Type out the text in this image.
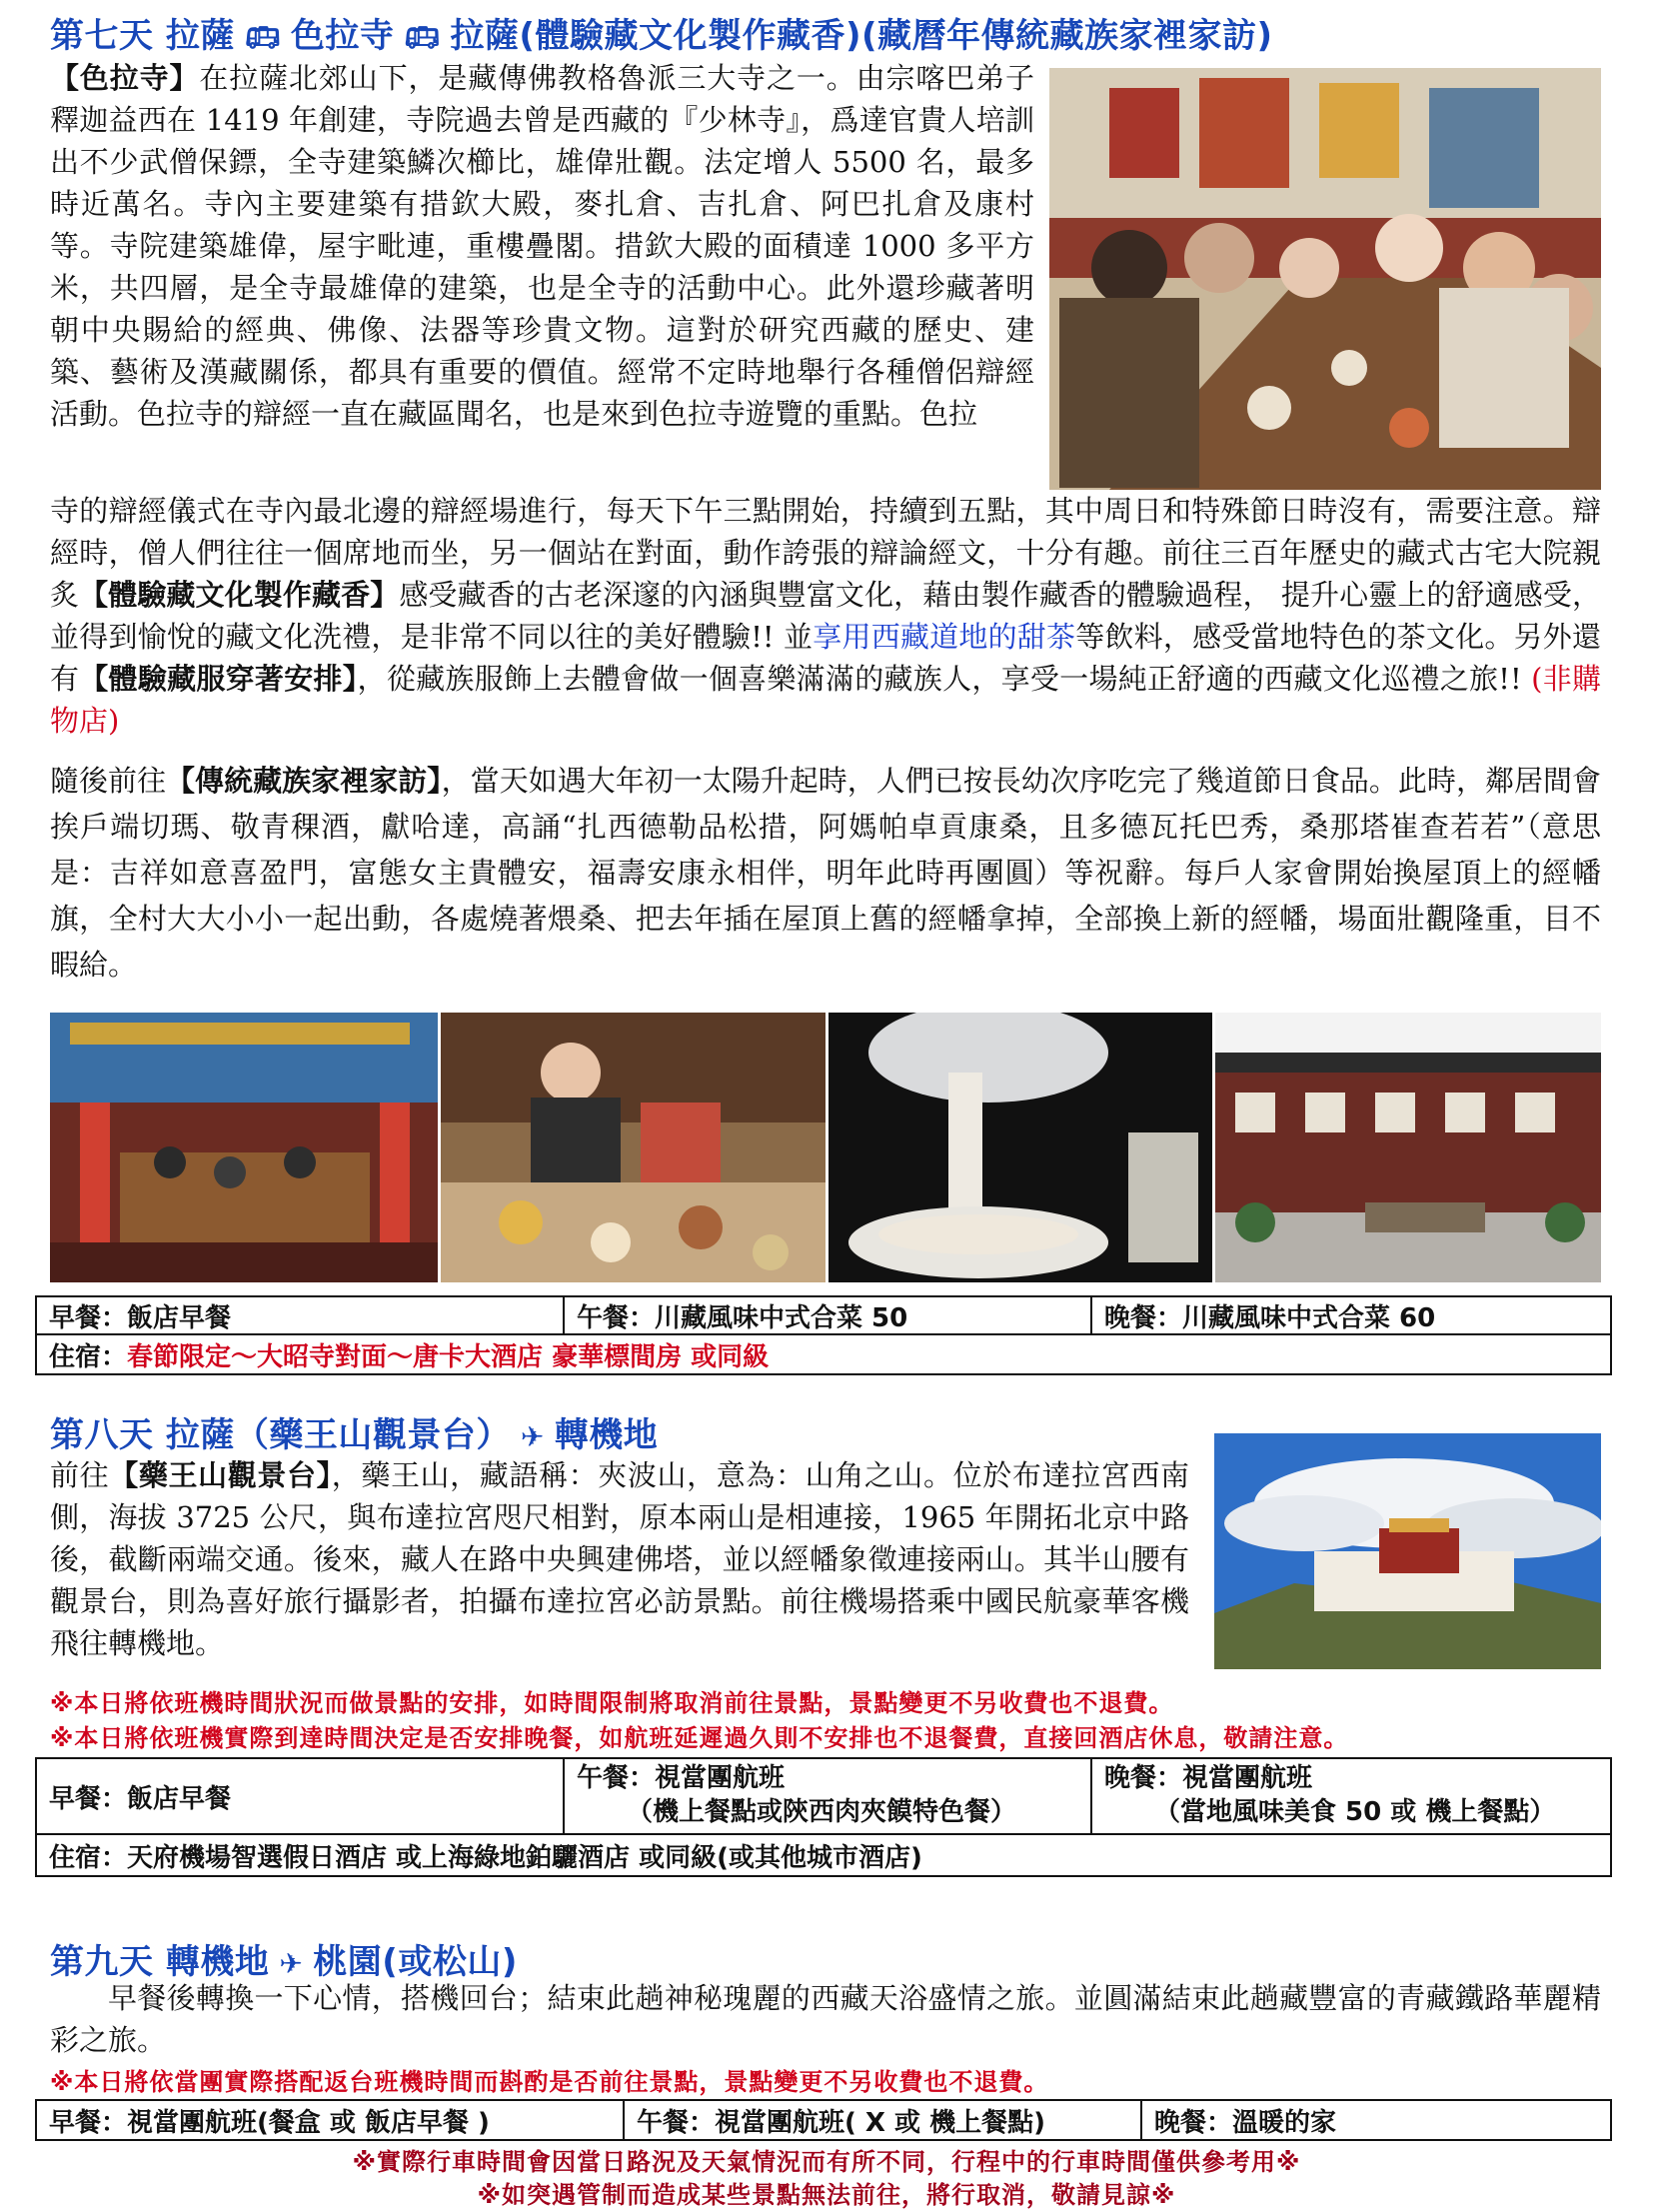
第七天 拉薩 🚌︎ 色拉寺 🚌︎ 拉薩(體驗藏文化製作藏香)(藏曆年傳統藏族家裡家訪)
【色拉寺】在拉薩北郊山下，是藏傳佛教格魯派三大寺之一。由宗喀巴弟子釋迦益西在 1419 年創建，寺院過去曾是西藏的『少林寺』，爲達官貴人培訓出不少武僧保鏢，全寺建築鱗次櫛比，雄偉壯觀。法定增人 5500 名，最多時近萬名。寺內主要建築有措欽大殿，麥扎倉、吉扎倉、阿巴扎倉及康村等。寺院建築雄偉，屋宇毗連，重樓疊閣。措欽大殿的面積達 1000 多平方米，共四層，是全寺最雄偉的建築，也是全寺的活動中心。此外還珍藏著明朝中央賜給的經典、佛像、法器等珍貴文物。這對於研究西藏的歷史、建築、藝術及漢藏關係，都具有重要的價值。經常不定時地舉行各種僧侶辯經活動。色拉寺的辯經一直在藏區聞名，也是來到色拉寺遊覽的重點。色拉
寺的辯經儀式在寺內最北邊的辯經場進行，每天下午三點開始，持續到五點，其中周日和特殊節日時沒有，需要注意。辯經時，僧人們往往一個席地而坐，另一個站在對面，動作誇張的辯論經文，十分有趣。前往三百年歷史的藏式古宅大院親炙【體驗藏文化製作藏香】感受藏香的古老深邃的內涵與豐富文化，藉由製作藏香的體驗過程， 提升心靈上的舒適感受，並得到愉悅的藏文化洗禮，是非常不同以往的美好體驗!! 並享用西藏道地的甜茶等飲料，感受當地特色的茶文化。另外還有【體驗藏服穿著安排】，從藏族服飾上去體會做一個喜樂滿滿的藏族人，享受一場純正舒適的西藏文化巡禮之旅!! (非購物店)
隨後前往【傳統藏族家裡家訪】，當天如遇大年初一太陽升起時，人們已按長幼次序吃完了幾道節日食品。此時，鄰居間會挨戶端切瑪、敬青稞酒，獻哈達，高誦“扎西德勒品松措，阿媽帕卓貢康桑，且多德瓦托巴秀，桑那塔崔查若若”（意思是：吉祥如意喜盈門，富態女主貴體安，福壽安康永相伴，明年此時再團圓）等祝辭。每戶人家會開始換屋頂上的經幡旗，全村大大小小一起出動，各處燒著煨桑、把去年插在屋頂上舊的經幡拿掉，全部換上新的經幡，場面壯觀隆重，目不暇給。
早餐：飯店早餐	午餐：川藏風味中式合菜 50	晚餐：川藏風味中式合菜 60
住宿： 春節限定～大昭寺對面～唐卡大酒店 豪華標間房 或同級
第八天 拉薩（藥王山觀景台） ✈︎ 轉機地
前往【藥王山觀景台】，藥王山，藏語稱：夾波山，意為：山角之山。位於布達拉宮西南側，海拔 3725 公尺，與布達拉宮咫尺相對，原本兩山是相連接，1965 年開拓北京中路後，截斷兩端交通。後來，藏人在路中央興建佛塔，並以經幡象徵連接兩山。其半山腰有觀景台，則為喜好旅行攝影者，拍攝布達拉宮必訪景點。前往機場搭乘中國民航豪華客機飛往轉機地。
※本日將依班機時間狀況而做景點的安排，如時間限制將取消前往景點，景點變更不另收費也不退費。
※本日將依班機實際到達時間決定是否安排晚餐，如航班延遲過久則不安排也不退餐費，直接回酒店休息，敬請注意。
早餐：飯店早餐
午餐：視當團航班
（機上餐點或陝西肉夾饃特色餐）
晚餐：視當團航班
（當地風味美食 50 或 機上餐點）
住宿：天府機場智選假日酒店 或上海綠地鉑驪酒店 或同級(或其他城市酒店)
第九天 轉機地 ✈︎ 桃園(或松山)
早餐後轉換一下心情，搭機回台；結束此趟神秘瑰麗的西藏天浴盛情之旅。並圓滿結束此趟藏豐富的青藏鐵路華麗精彩之旅。
※本日將依當團實際搭配返台班機時間而斟酌是否前往景點，景點變更不另收費也不退費。
早餐：視當團航班(餐盒 或 飯店早餐 )	午餐：視當團航班( X 或 機上餐點)	晚餐：溫暖的家
※實際行車時間會因當日路況及天氣情況而有所不同，行程中的行車時間僅供參考用※
※如突遇管制而造成某些景點無法前往，將行取消，敬請見諒※
